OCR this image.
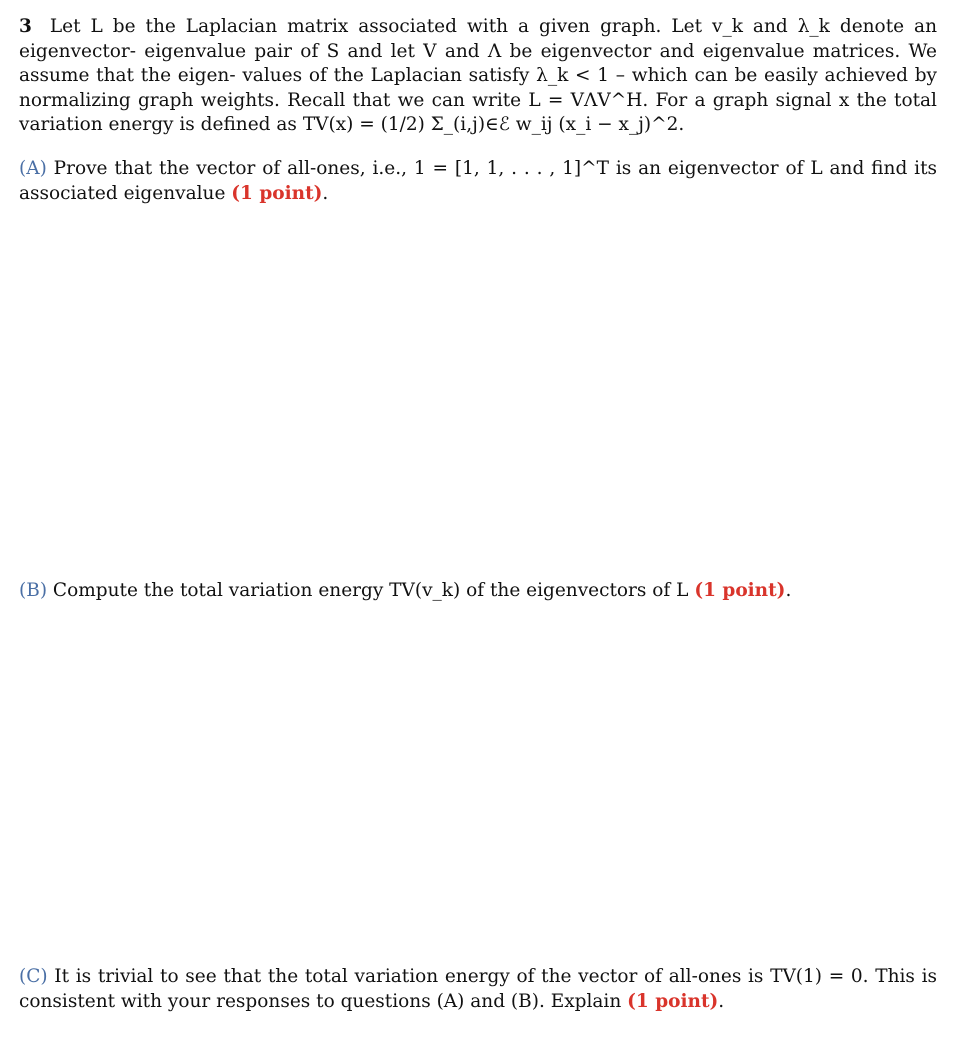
3 Let L be the Laplacian matrix associated with a given graph. Let v_k and λ_k denote an eigenvector- eigenvalue pair of S and let V and Λ be eigenvector and eigenvalue matrices. We assume that the eigen- values of the Laplacian satisfy λ_k < 1 – which can be easily achieved by normalizing graph weights. Recall that we can write L = VΛV^H. For a graph signal x the total variation energy is defined as TV(x) = (1/2) Σ_(i,j)∈ℰ w_ij (x_i − x_j)^2.
(A) Prove that the vector of all-ones, i.e., 1 = [1, 1, . . . , 1]^T is an eigenvector of L and find its associated eigenvalue (1 point).
(B) Compute the total variation energy TV(v_k) of the eigenvectors of L (1 point).
(C) It is trivial to see that the total variation energy of the vector of all-ones is TV(1) = 0. This is consistent with your responses to questions (A) and (B). Explain (1 point).
